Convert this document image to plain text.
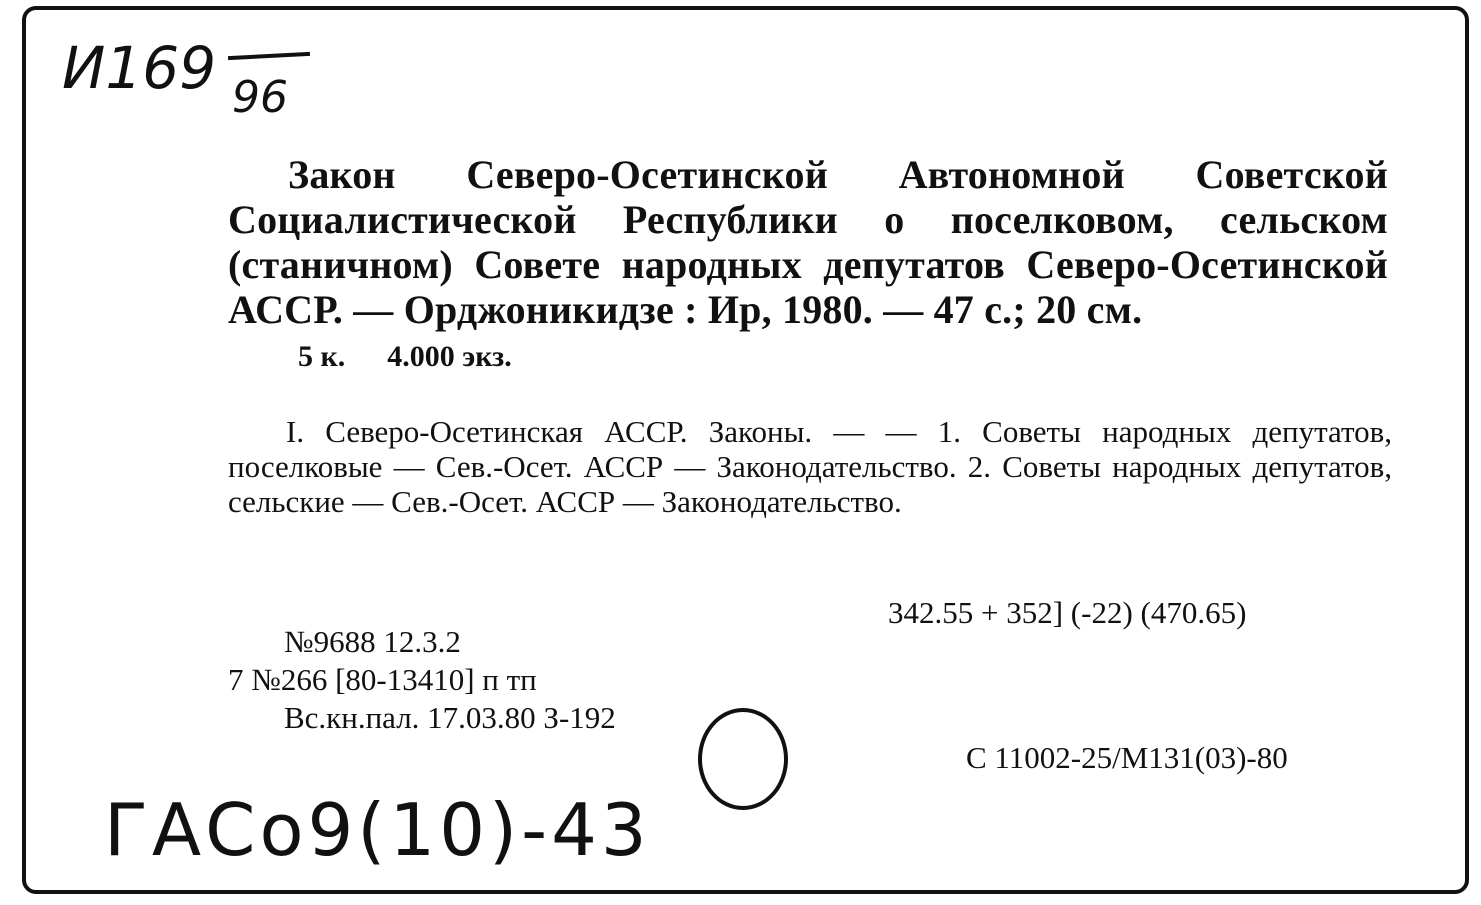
И169 96

Закон Северо-Осетинской Автономной Советской Социалистической Республики о поселковом, сельском (станичном) Совете народных депутатов Северо-Осетинской АССР. — Орджоникидзе : Ир, 1980. — 47 с.; 20 см.

5 к. 4.000 экз.

I. Северо-Осетинская АССР. Законы. — — 1. Советы народных депутатов, поселковые — Сев.-Осет. АССР — Законодательство. 2. Советы народных депутатов, сельские — Сев.-Осет. АССР — Законодательство.

342.55 + 352] (-22) (470.65)
№9688 12.3.2
7 №266 [80-13410] п тп
Вс.кн.пал. 17.03.80 З-192
С 11002-25/М131(03)-80
ГАСо9(10)-43
